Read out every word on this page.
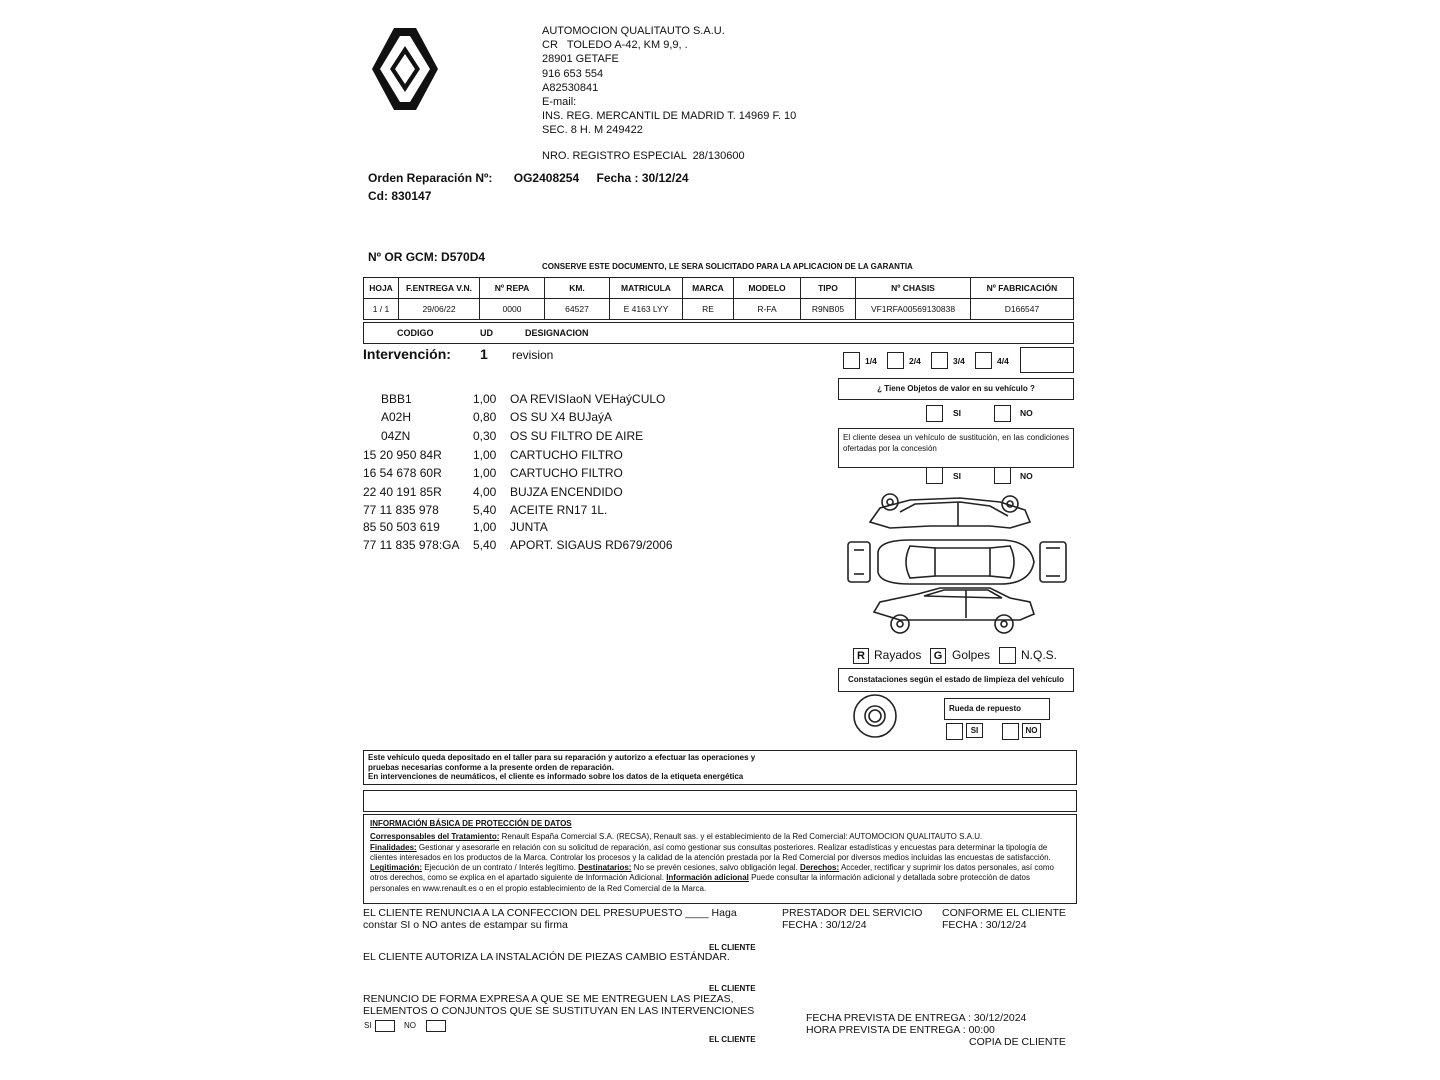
AUTOMOCION QUALITAUTO S.A.U.
CR   TOLEDO A-42, KM 9,9, .
28901 GETAFE
916 653 554
A82530841
E-mail:
INS. REG. MERCANTIL DE MADRID T. 14969 F. 10
SEC. 8 H. M 249422
NRO. REGISTRO ESPECIAL  28/130600
Orden Reparación Nº: OG2408254 Fecha : 30/12/24
Cd: 830147
Nº OR GCM: D570D4
CONSERVE ESTE DOCUMENTO, LE SERA SOLICITADO PARA LA APLICACION DE LA GARANTIA
HOJA	F.ENTREGA V.N.	Nº REPA	KM.	MATRICULA	MARCA	MODELO	TIPO	Nº CHASIS	Nº FABRICACIÓN
1 / 1	29/06/22	0000	64527	E 4163 LYY	RE	R-FA	R9NB05	VF1RFA00569130838	D166547
CODIGO	UD	DESIGNACION
Intervención: 1 revision
BBB1	1,00	OA REVISIaoN VEHaýCULO
A02H	0,80	OS SU X4 BUJaýA
04ZN	0,30	OS SU FILTRO DE AIRE
15 20 950 84R	1,00	CARTUCHO FILTRO
16 54 678 60R	1,00	CARTUCHO FILTRO
22 40 191 85R	4,00	BUJZA ENCENDIDO
77 11 835 978	5,40	ACEITE RN17 1L.
85 50 503 619	1,00	JUNTA
77 11 835 978:GA	5,40	APORT. SIGAUS RD679/2006
1/4	2/4	3/4	4/4
¿ Tiene Objetos de valor en su vehículo ?
SI	NO
El cliente desea un vehículo de sustitución, en las condiciones ofertadas por la concesión
SI	NO
R Rayados	G Golpes	N.Q.S.
Constataciones según el estado de limpieza del vehículo
Rueda de repuesto
SI	NO
Este vehículo queda depositado en el taller para su reparación y autorizo a efectuar las operaciones y
pruebas necesarias conforme a la presente orden de reparación.
En intervenciones de neumáticos, el cliente es informado sobre los datos de la etiqueta energética
INFORMACIÓN BÁSICA DE PROTECCIÓN DE DATOS
Corresponsables del Tratamiento: Renault España Comercial S.A. (RECSA), Renault sas. y el establecimiento de la Red Comercial: AUTOMOCION QUALITAUTO S.A.U.
Finalidades: Gestionar y asesorarle en relación con su solicitud de reparación, así como gestionar sus consultas posteriores. Realizar estadísticas y encuestas para determinar la tipología de clientes interesados en los productos de la Marca. Controlar los procesos y la calidad de la atención prestada por la Red Comercial por diversos medios incluidas las encuestas de satisfacción. Legitimación: Ejecución de un contrato / Interés legítimo. Destinatarios: No se prevén cesiones, salvo obligación legal. Derechos: Acceder, rectificar y suprimir los datos personales, así como otros derechos, como se explica en el apartado siguiente de Información Adicional. Información adicional Puede consultar la información adicional y detallada sobre protección de datos personales en www.renault.es o en el propio establecimiento de la Red Comercial de la Marca.
EL CLIENTE RENUNCIA A LA CONFECCION DEL PRESUPUESTO ____ Haga
constar SI o NO antes de estampar su firma
PRESTADOR DEL SERVICIO
FECHA : 30/12/24
CONFORME EL CLIENTE
FECHA : 30/12/24
EL CLIENTE
EL CLIENTE AUTORIZA LA INSTALACIÓN DE PIEZAS CAMBIO ESTÁNDAR.
EL CLIENTE
RENUNCIO DE FORMA EXPRESA A QUE SE ME ENTREGUEN LAS PIEZAS,
ELEMENTOS O CONJUNTOS QUE SE SUSTITUYAN EN LAS INTERVENCIONES
SI	NO
EL CLIENTE
FECHA PREVISTA DE ENTREGA : 30/12/2024
HORA PREVISTA DE ENTREGA : 00:00
COPIA DE CLIENTE
